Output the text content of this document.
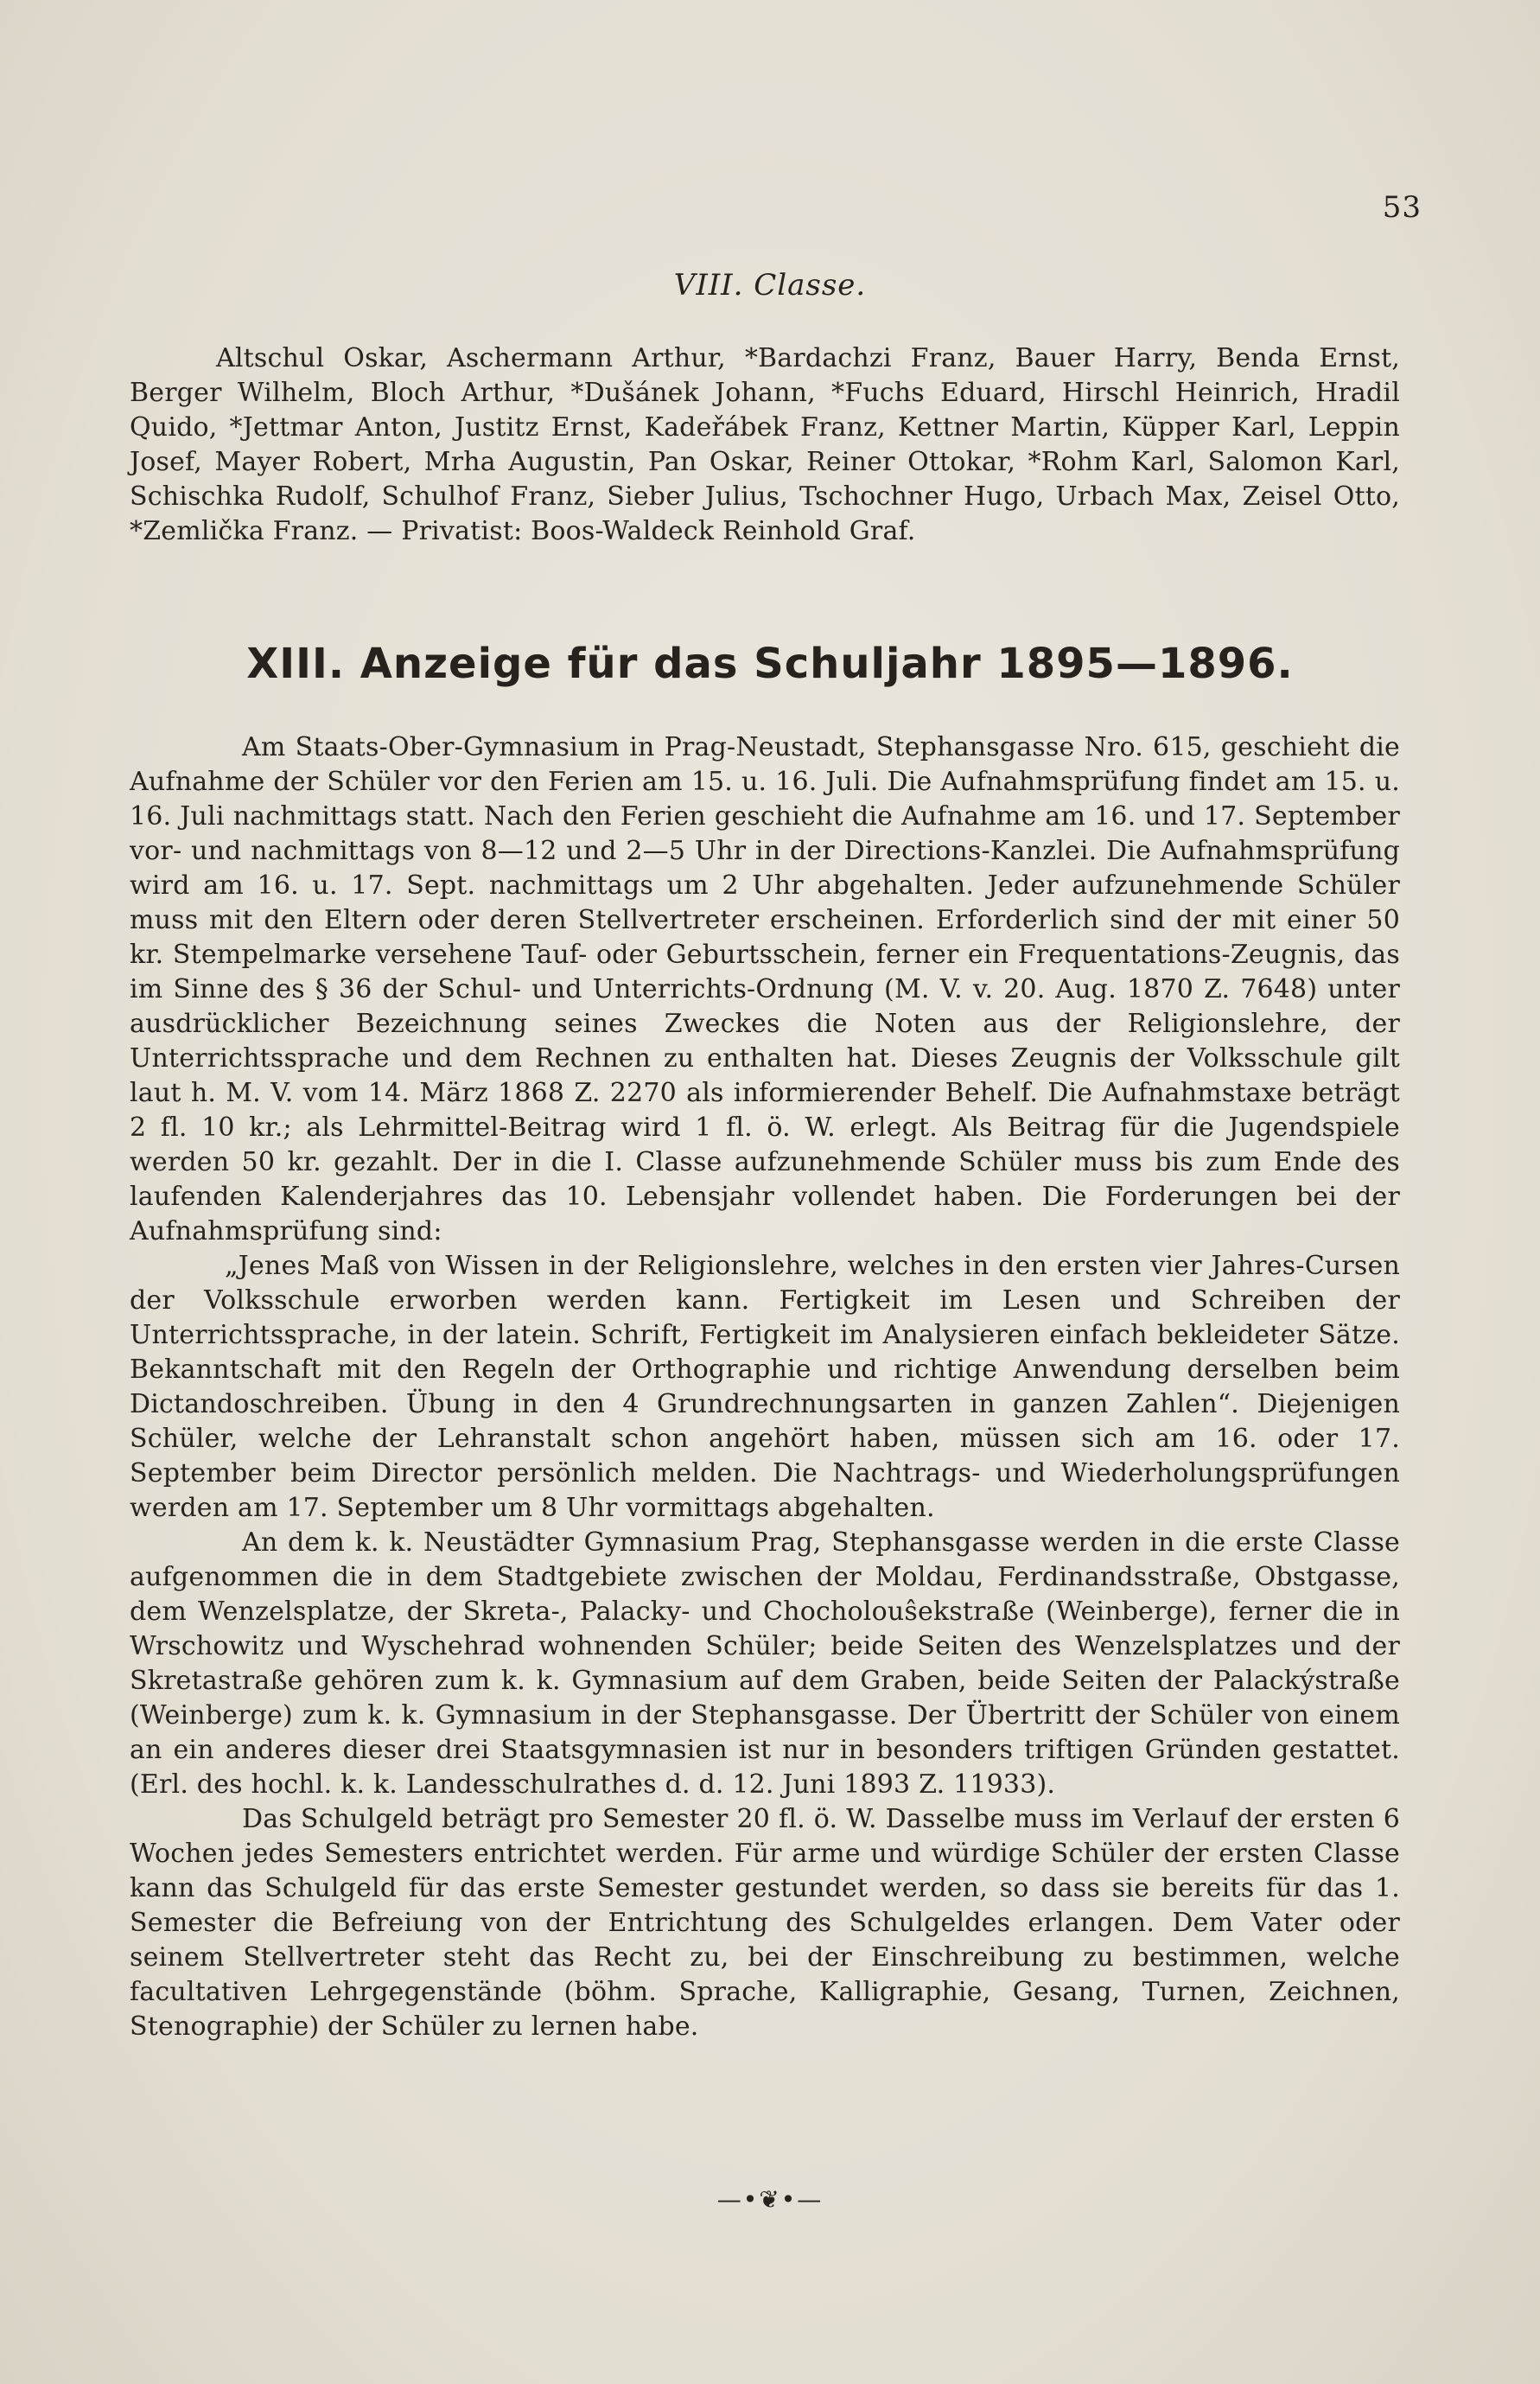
53
VIII. Classe.

Altschul Oskar, Aschermann Arthur, *Bardachzi Franz, Bauer Harry, Benda Ernst, Berger Wilhelm, Bloch Arthur, *Dušánek Johann, *Fuchs Eduard, Hirschl Heinrich, Hradil Quido, *Jettmar Anton, Justitz Ernst, Kadeřábek Franz, Kettner Martin, Küpper Karl, Leppin Josef, Mayer Robert, Mrha Augustin, Pan Oskar, Reiner Ottokar, *Rohm Karl, Salomon Karl, Schischka Rudolf, Schulhof Franz, Sieber Julius, Tschochner Hugo, Urbach Max, Zeisel Otto, *Zemlička Franz. — Privatist: Boos-Waldeck Reinhold Graf.

XIII. Anzeige für das Schuljahr 1895—1896.

Am Staats-Ober-Gymnasium in Prag-Neustadt, Stephansgasse Nro. 615, geschieht die Aufnahme der Schüler vor den Ferien am 15. u. 16. Juli. Die Aufnahmsprüfung findet am 15. u. 16. Juli nachmittags statt. Nach den Ferien geschieht die Aufnahme am 16. und 17. September vor- und nachmittags von 8—12 und 2—5 Uhr in der Directions-Kanzlei. Die Aufnahmsprüfung wird am 16. u. 17. Sept. nachmittags um 2 Uhr abgehalten. Jeder aufzunehmende Schüler muss mit den Eltern oder deren Stellvertreter erscheinen. Erforderlich sind der mit einer 50 kr. Stempelmarke versehene Tauf- oder Geburtsschein, ferner ein Frequentations-Zeugnis, das im Sinne des § 36 der Schul- und Unterrichts-Ordnung (M. V. v. 20. Aug. 1870 Z. 7648) unter ausdrücklicher Bezeichnung seines Zweckes die Noten aus der Religionslehre, der Unterrichtssprache und dem Rechnen zu enthalten hat. Dieses Zeugnis der Volksschule gilt laut h. M. V. vom 14. März 1868 Z. 2270 als informierender Behelf. Die Aufnahmstaxe beträgt 2 fl. 10 kr.; als Lehrmittel-Beitrag wird 1 fl. ö. W. erlegt. Als Beitrag für die Jugendspiele werden 50 kr. gezahlt. Der in die I. Classe aufzunehmende Schüler muss bis zum Ende des laufenden Kalenderjahres das 10. Lebensjahr vollendet haben. Die Forderungen bei der Aufnahmsprüfung sind:

„Jenes Maß von Wissen in der Religionslehre, welches in den ersten vier Jahres-Cursen der Volksschule erworben werden kann. Fertigkeit im Lesen und Schreiben der Unterrichtssprache, in der latein. Schrift, Fertigkeit im Analysieren einfach bekleideter Sätze. Bekanntschaft mit den Regeln der Orthographie und richtige Anwendung derselben beim Dictandoschreiben. Übung in den 4 Grundrechnungsarten in ganzen Zahlen“. Diejenigen Schüler, welche der Lehranstalt schon angehört haben, müssen sich am 16. oder 17. September beim Director persönlich melden. Die Nachtrags- und Wiederholungsprüfungen werden am 17. September um 8 Uhr vormittags abgehalten.

An dem k. k. Neustädter Gymnasium Prag, Stephansgasse werden in die erste Classe aufgenommen die in dem Stadtgebiete zwischen der Moldau, Ferdinandsstraße, Obstgasse, dem Wenzelsplatze, der Skreta-, Palacky- und Chocholouŝekstraße (Weinberge), ferner die in Wrschowitz und Wyschehrad wohnenden Schüler; beide Seiten des Wenzelsplatzes und der Skretastraße gehören zum k. k. Gymnasium auf dem Graben, beide Seiten der Palackýstraße (Weinberge) zum k. k. Gymnasium in der Stephansgasse. Der Übertritt der Schüler von einem an ein anderes dieser drei Staatsgymnasien ist nur in besonders triftigen Gründen gestattet. (Erl. des hochl. k. k. Landesschulrathes d. d. 12. Juni 1893 Z. 11933).

Das Schulgeld beträgt pro Semester 20 fl. ö. W. Dasselbe muss im Verlauf der ersten 6 Wochen jedes Semesters entrichtet werden. Für arme und würdige Schüler der ersten Classe kann das Schulgeld für das erste Semester gestundet werden, so dass sie bereits für das 1. Semester die Befreiung von der Entrichtung des Schulgeldes erlangen. Dem Vater oder seinem Stellvertreter steht das Recht zu, bei der Einschreibung zu bestimmen, welche facultativen Lehrgegenstände (böhm. Sprache, Kalligraphie, Gesang, Turnen, Zeichnen, Stenographie) der Schüler zu lernen habe.

—•❦•—
